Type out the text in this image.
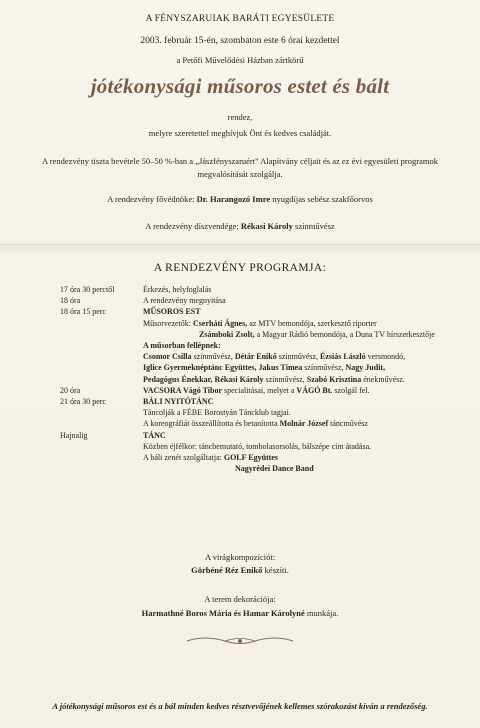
A FÉNYSZARUIAK BARÁTI EGYESÜLETE
2003. február 15-én, szombaton este 6 órai kezdettel
a Petőfi Művelődési Házban zártkörű
jótékonysági műsoros estet és bált
rendez,
melyre szeretettel meghívjuk Önt és kedves családját.
A rendezvény tiszta bevétele 50–50 %-ban a „Jászfényszaruért" Alapítvány céljait és az ez évi egyesületi programok megvalósítását szolgálja.
A rendezvény fővédnöke: Dr. Harangozó Imre nyugdíjas sebész szakfőorvos
A rendezvény díszvendége: Rékasi Károly színművész
A RENDEZVÉNY PROGRAMJA:
17 óra 30 perctől	Érkezés, helyfoglalás
18 óra	A rendezvény megnyitása
18 óra 15 perc	MŰSOROS EST
Műsorvezetők: Cserháti Ágnes, az MTV bemondója, szerkesztő riporter
Zsámboki Zsolt, a Magyar Rádió bemondója, a Duna TV hírszerkesztője
A műsorban fellépnek:
Csomor Csilla színművész, Détár Enikő színművész, Ézsiás László versmondó,
Iglice Gyermeknéptánc Együttes, Jakus Tímea színművész, Nagy Judit,
Pedagógus Énekkar, Rékasi Károly színművész, Szabó Krisztina énekművész.
20 óra	VACSORA Vágó Tibor specialitásai, melyet a VÁGÓ Bt. szolgál fel.
21 óra 30 perc	BÁLI NYITÓTÁNC
Táncolják a FÉBE Borostyán Táncklub tagjai.
A koreográfiát összeállította és betanította Molnár József táncművész
Hajnalig	TÁNC
Közben éjfélkor: táncbemutató, tombolasorsolás, bálszépe cím átadása.
A báli zenét szolgáltatja: GOLF Együttes
Nagyrédei Dance Band
A virágkompozíciót:
Görbéné Réz Enikő készíti.
A terem dekorációja:
Harmathné Boros Mária és Hamar Károlyné munkája.
A jótékonysági műsoros est és a bál minden kedves résztvevőjének kellemes szórakozást kíván a rendezőség.
